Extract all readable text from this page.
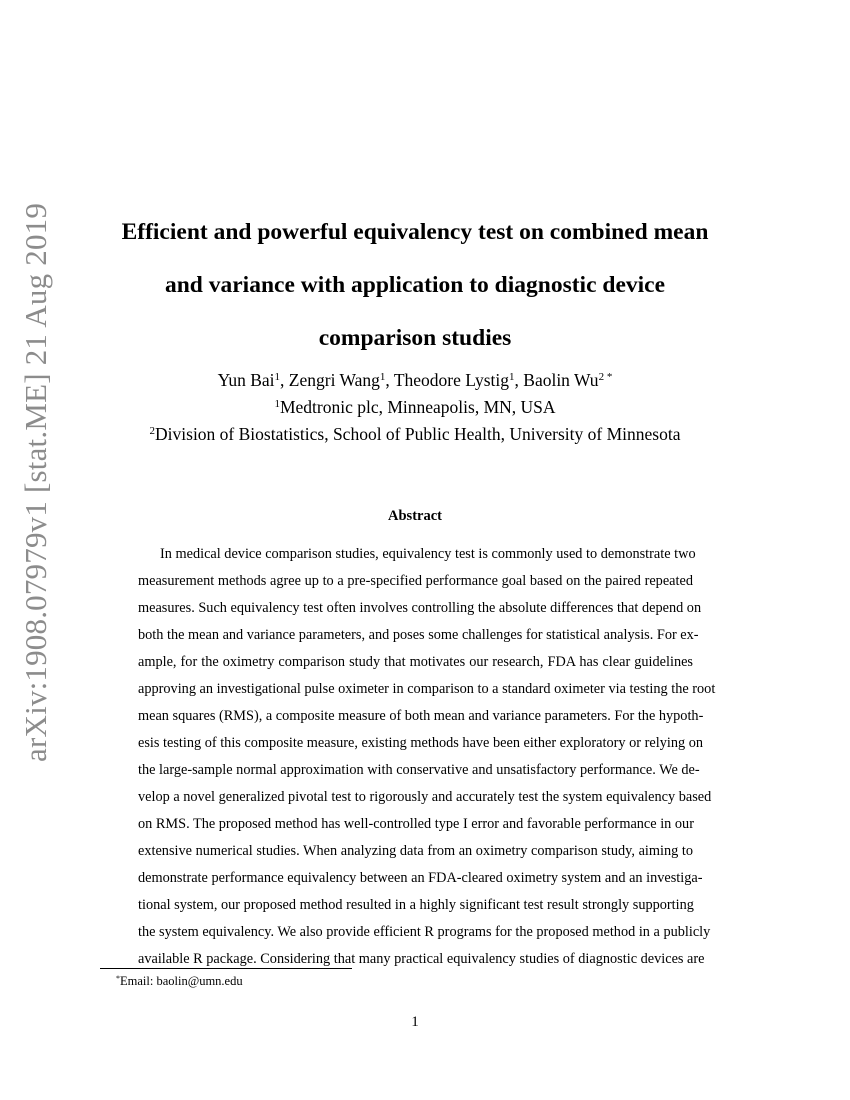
arXiv:1908.07979v1 [stat.ME] 21 Aug 2019	Efficient and powerful equivalency test on combined mean
and variance with application to diagnostic device
comparison studies
Yun Bai$^1$, Zengri Wang$^1$, Theodore Lystig$^1$, Baolin $Wu^{2 *}$
$^1$Medtronic plc, Minneapolis, MN, USA
$^2$Division of Biostatistics, School of Public Health, University of Minnesota
Abstract
In medical device comparison studies, equivalency test is commonly used to demonstrate two
measurement methods agree up to a pre-specified performance goal based on the paired repeated
measures. Such equivalency test often involves controlling the absolute differences that depend on
both the mean and variance parameters, and poses some challenges for statistical analysis. For ex-
ample, for the oximetry comparison study that motivates our research, FDA has clear guidelines
approving an investigational pulse oximeter in comparison to a standard oximeter via testing the root
mean squares (RMS), a composite measure of both mean and variance parameters. For the hypoth-
esis testing of this composite measure, existing methods have been either exploratory or relying on
the large-sample normal approximation with conservative and unsatisfactory performance. We de-
velop a novel generalized pivotal test to rigorously and accurately test the system equivalency based
on RMS. The proposed method has well-controlled type I error and favorable performance in our
extensive numerical studies. When analyzing data from an oximetry comparison study, aiming to
demonstrate performance equivalency between an FDA-cleared oximetry system and an investiga-
tional system, our proposed method resulted in a highly significant test result strongly supporting
the system equivalency. We also provide efficient R programs for the proposed method in a publicly
available R package. Considering that many practical equivalency studies of diagnostic devices are
*Email: baolin@umn.edu
1
